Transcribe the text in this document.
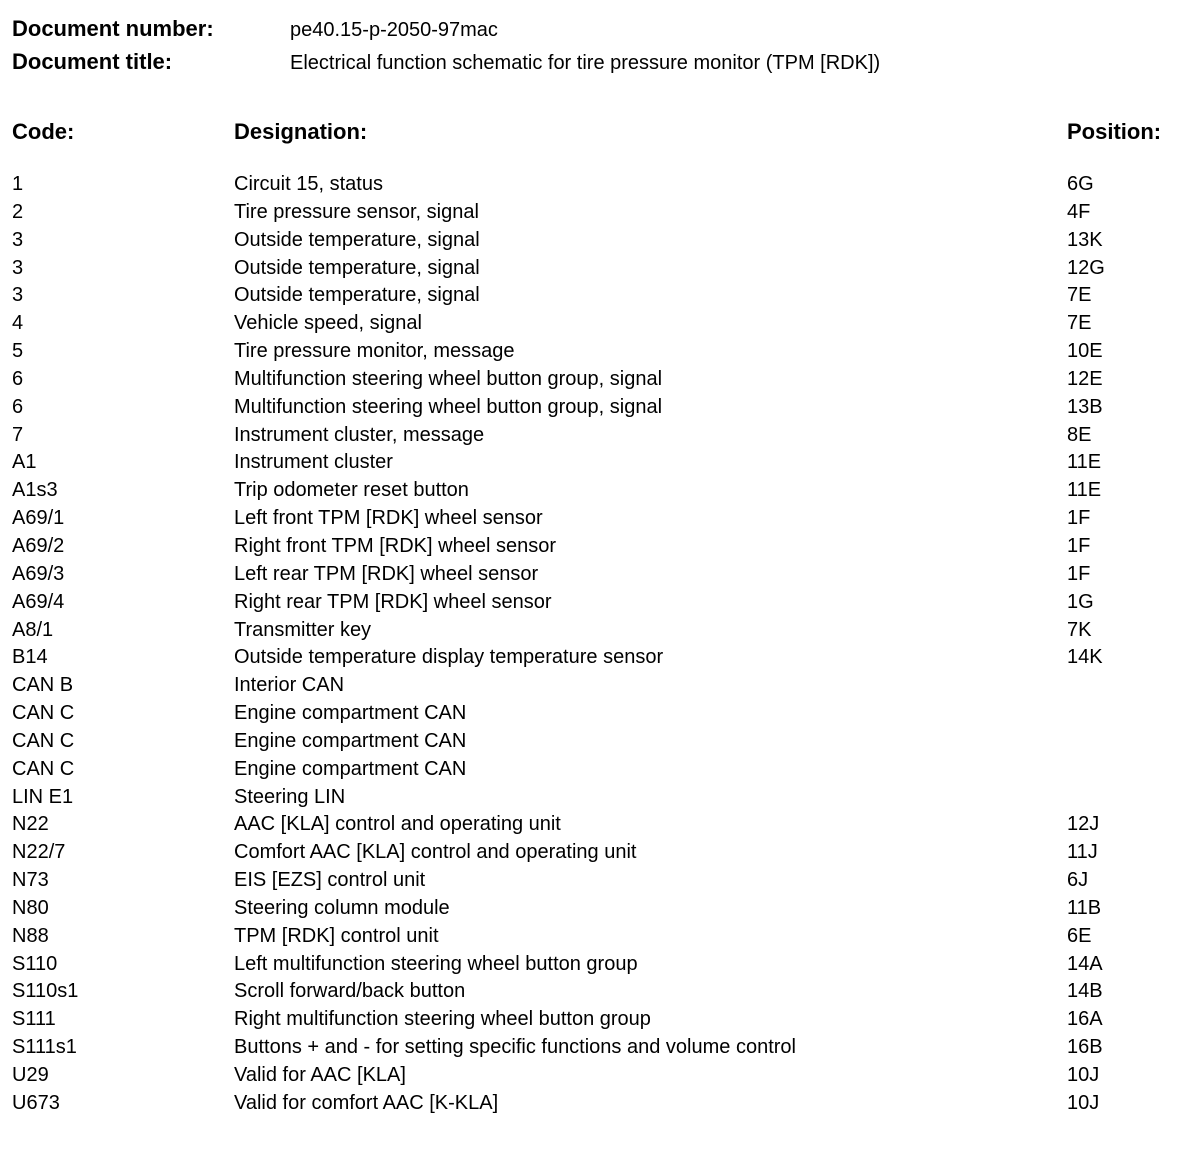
Document number:	pe40.15-p-2050-97mac
Document title:	Electrical function schematic for tire pressure monitor (TPM [RDK])
Code:	Designation:	Position:
1	Circuit 15, status	6G
2	Tire pressure sensor, signal	4F
3	Outside temperature, signal	13K
3	Outside temperature, signal	12G
3	Outside temperature, signal	7E
4	Vehicle speed, signal	7E
5	Tire pressure monitor, message	10E
6	Multifunction steering wheel button group, signal	12E
6	Multifunction steering wheel button group, signal	13B
7	Instrument cluster, message	8E
A1	Instrument cluster	11E
A1s3	Trip odometer reset button	11E
A69/1	Left front TPM [RDK] wheel sensor	1F
A69/2	Right front TPM [RDK] wheel sensor	1F
A69/3	Left rear TPM [RDK] wheel sensor	1F
A69/4	Right rear TPM [RDK] wheel sensor	1G
A8/1	Transmitter key	7K
B14	Outside temperature display temperature sensor	14K
CAN B	Interior CAN
CAN C	Engine compartment CAN
CAN C	Engine compartment CAN
CAN C	Engine compartment CAN
LIN E1	Steering LIN
N22	AAC [KLA] control and operating unit	12J
N22/7	Comfort AAC [KLA] control and operating unit	11J
N73	EIS [EZS] control unit	6J
N80	Steering column module	11B
N88	TPM [RDK] control unit	6E
S110	Left multifunction steering wheel button group	14A
S110s1	Scroll forward/back button	14B
S111	Right multifunction steering wheel button group	16A
S111s1	Buttons + and - for setting specific functions and volume control	16B
U29	Valid for AAC [KLA]	10J
U673	Valid for comfort AAC [K-KLA]	10J
